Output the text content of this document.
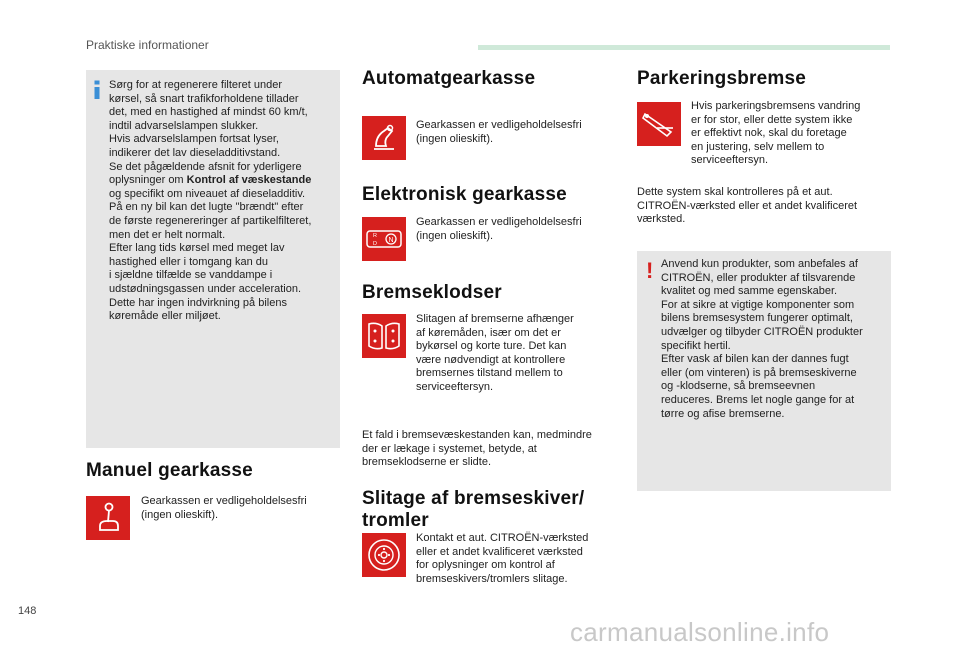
Praktiske informationer
Sørg for at regenerere filteret under
kørsel, så snart trafikforholdene tillader
det, med en hastighed af mindst 60 km/t,
indtil advarselslampen slukker.
Hvis advarselslampen fortsat lyser,
indikerer det lav dieseladditivstand.
Se det pågældende afsnit for yderligere
oplysninger om Kontrol af væskestande
og specifikt om niveauet af dieseladditiv.
På en ny bil kan det lugte "brændt" efter
de første regenereringer af partikelfilteret,
men det er helt normalt.
Efter lang tids kørsel med meget lav
hastighed eller i tomgang kan du
i sjældne tilfælde se vanddampe i
udstødningsgassen under acceleration.
Dette har ingen indvirkning på bilens
køremåde eller miljøet.
Manuel gearkasse
Gearkassen er vedligeholdelsesfri
(ingen olieskift).
Automatgearkasse
Gearkassen er vedligeholdelsesfri
(ingen olieskift).
Elektronisk gearkasse
N
R
D
Gearkassen er vedligeholdelsesfri
(ingen olieskift).
Bremseklodser
Slitagen af bremserne afhænger
af køremåden, især om det er
bykørsel og korte ture. Det kan
være nødvendigt at kontrollere
bremsernes tilstand mellem to
serviceeftersyn.
Et fald i bremsevæskestanden kan, medmindre
der er lækage i systemet, betyde, at
bremseklodserne er slidte.
Slitage af bremseskiver/
tromler
Kontakt et aut. CITROËN-værksted
eller et andet kvalificeret værksted
for oplysninger om kontrol af
bremseskivers/tromlers slitage.
Parkeringsbremse
Hvis parkeringsbremsens vandring
er for stor, eller dette system ikke
er effektivt nok, skal du foretage
en justering, selv mellem to
serviceeftersyn.
Dette system skal kontrolleres på et aut.
CITROËN-værksted eller et andet kvalificeret
værksted.
! Anvend kun produkter, som anbefales af
CITROËN, eller produkter af tilsvarende
kvalitet og med samme egenskaber.
For at sikre at vigtige komponenter som
bilens bremsesystem fungerer optimalt,
udvælger og tilbyder CITROËN produkter
specifikt hertil.
Efter vask af bilen kan der dannes fugt
eller (om vinteren) is på bremseskiverne
og -klodserne, så bremseevnen
reduceres. Brems let nogle gange for at
tørre og afise bremserne.
148
carmanualsonline.info
